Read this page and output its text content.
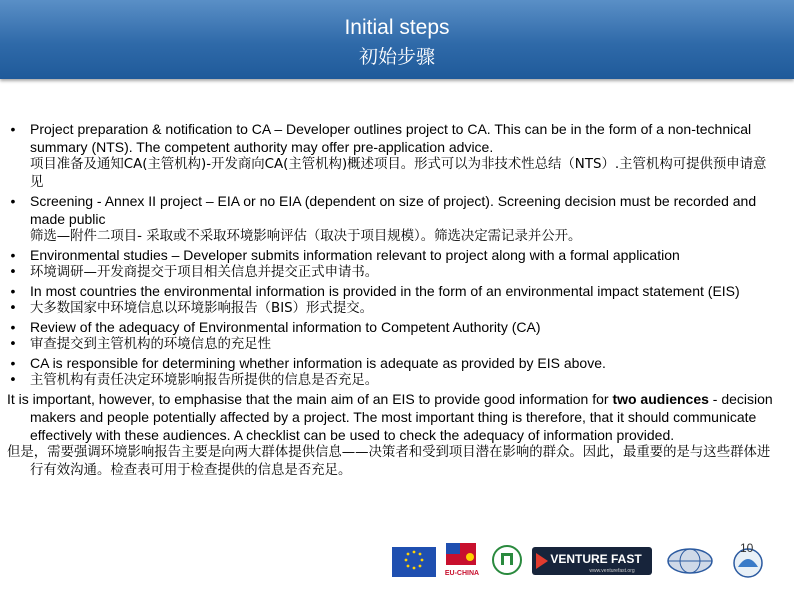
Initial steps
初始步骤
• Project preparation & notification to CA – Developer outlines project to CA. This can be in the form of a non-technical summary (NTS). The competent authority may offer pre-application advice.
项目准备及通知CA(主管机构)-开发商向CA(主管机构)概述项目。形式可以为非技术性总结（NTS）.主管机构可提供预申请意见
• Screening - Annex II project – EIA or no EIA (dependent on size of project). Screening decision must be recorded and made public
筛选—附件二项目- 采取或不采取环境影响评估（取决于项目规模）。筛选决定需记录并公开。
• Environmental studies – Developer submits information relevant to project along with a formal application
• 环境调研—开发商提交于项目相关信息并提交正式申请书。
• In most countries the environmental information is provided in the form of an environmental impact statement (EIS)
• 大多数国家中环境信息以环境影响报告（BIS）形式提交。
• Review of the adequacy of Environmental information to Competent Authority (CA)
• 审查提交到主管机构的环境信息的充足性
• CA is responsible for determining whether information is adequate as provided by EIS above.
• 主管机构有责任决定环境影响报告所提供的信息是否充足。
It is important, however, to emphasise that the main aim of an EIS to provide good information for two audiences - decision makers and people potentially affected by a project. The most important thing is therefore, that it should communicate effectively with these audiences. A checklist can be used to check the adequacy of information provided.
但是，需要强调环境影响报告主要是向两大群体提供信息——决策者和受到项目潜在影响的群众。因此，最重要的是与这些群体进行有效沟通。检查表可用于检查提供的信息是否充足。
EU-CHINA
VENTURE FAST
www.venturefast.org
10
